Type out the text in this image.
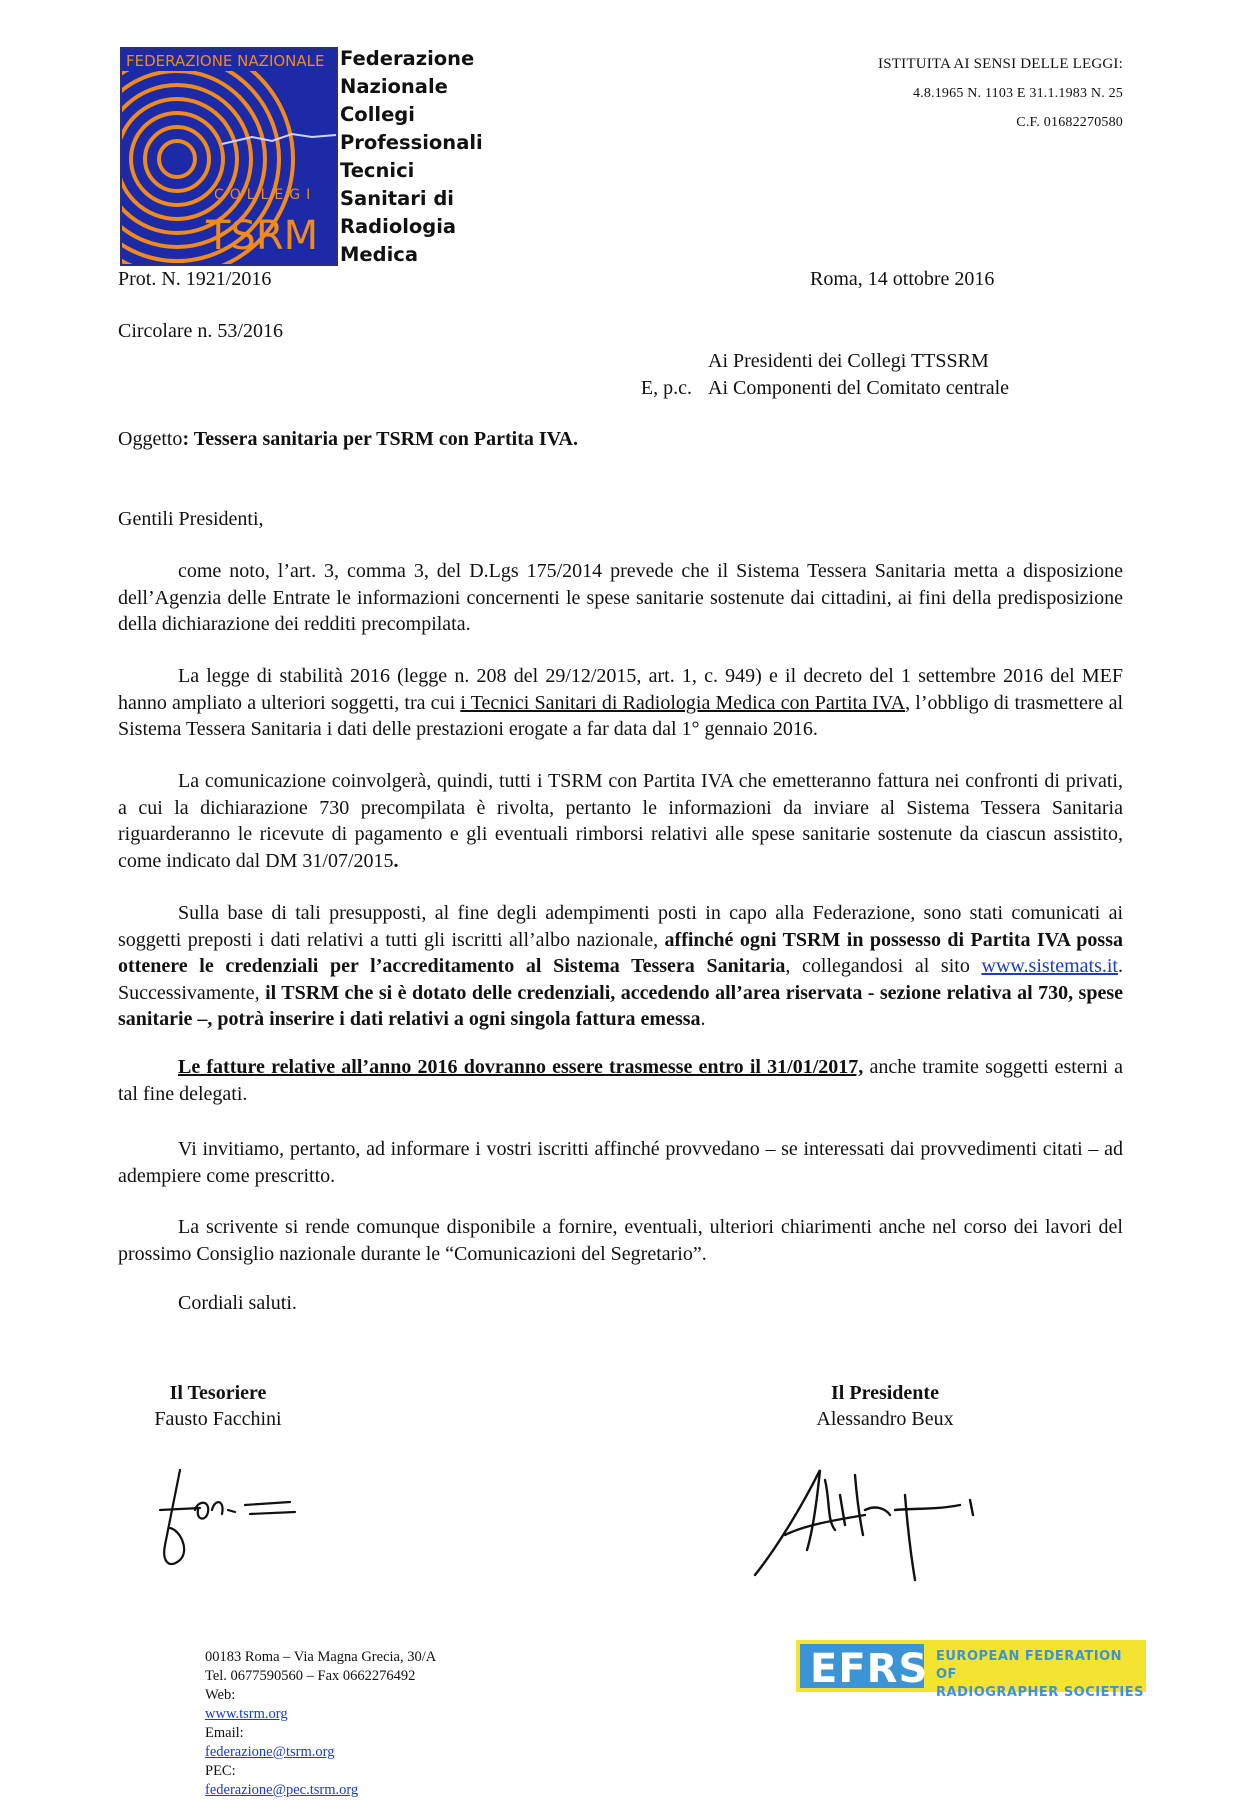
FEDERAZIONE NAZIONALE
COLLEGI
TSRM
Federazione
Nazionale
Collegi
Professionali
Tecnici
Sanitari di
Radiologia
Medica
ISTITUITA AI SENSI DELLE LEGGI:
4.8.1965 N. 1103 E 31.1.1983 N. 25
C.F. 01682270580
Prot. N. 1921/2016	Roma, 14 ottobre 2016
Circolare n. 53/2016

E, p.c.
Ai Presidenti dei Collegi TTSSRM
Ai Componenti del Comitato centrale
Oggetto: Tessera sanitaria per TSRM con Partita IVA.
Gentili Presidenti,

come noto, l’art. 3, comma 3, del D.Lgs 175/2014 prevede che il Sistema Tessera Sanitaria metta a disposizione dell’Agenzia delle Entrate le informazioni concernenti le spese sanitarie sostenute dai cittadini, ai fini della predisposizione della dichiarazione dei redditi precompilata.

La legge di stabilità 2016 (legge n. 208 del 29/12/2015, art. 1, c. 949) e il decreto del 1 settembre 2016 del MEF hanno ampliato a ulteriori soggetti, tra cui i Tecnici Sanitari di Radiologia Medica con Partita IVA, l’obbligo di trasmettere al Sistema Tessera Sanitaria i dati delle prestazioni erogate a far data dal 1° gennaio 2016.

La comunicazione coinvolgerà, quindi, tutti i TSRM con Partita IVA che emetteranno fattura nei confronti di privati, a cui la dichiarazione 730 precompilata è rivolta, pertanto le informazioni da inviare al Sistema Tessera Sanitaria riguarderanno le ricevute di pagamento e gli eventuali rimborsi relativi alle spese sanitarie sostenute da ciascun assistito, come indicato dal DM 31/07/2015.

Sulla base di tali presupposti, al fine degli adempimenti posti in capo alla Federazione, sono stati comunicati ai soggetti preposti i dati relativi a tutti gli iscritti all’albo nazionale, affinché ogni TSRM in possesso di Partita IVA possa ottenere le credenziali per l’accreditamento al Sistema Tessera Sanitaria, collegandosi al sito www.sistemats.it. Successivamente, il TSRM che si è dotato delle credenziali, accedendo all’area riservata - sezione relativa al 730, spese sanitarie –, potrà inserire i dati relativi a ogni singola fattura emessa.

Le fatture relative all’anno 2016 dovranno essere trasmesse entro il 31/01/2017, anche tramite soggetti esterni a tal fine delegati.

Vi invitiamo, pertanto, ad informare i vostri iscritti affinché provvedano – se interessati dai provvedimenti citati – ad adempiere come prescritto.

La scrivente si rende comunque disponibile a fornire, eventuali, ulteriori chiarimenti anche nel corso dei lavori del prossimo Consiglio nazionale durante le “Comunicazioni del Segretario”.

Cordiali saluti.

Il Tesoriere
Fausto Facchini
Il Presidente
Alessandro Beux
00183 Roma – Via Magna Grecia, 30/A
Tel. 0677590560 – Fax 0662276492
Web:
www.tsrm.org
Email:
federazione@tsrm.org
PEC:
federazione@pec.tsrm.org
EFRS EUROPEAN FEDERATION OF
RADIOGRAPHER SOCIETIES
